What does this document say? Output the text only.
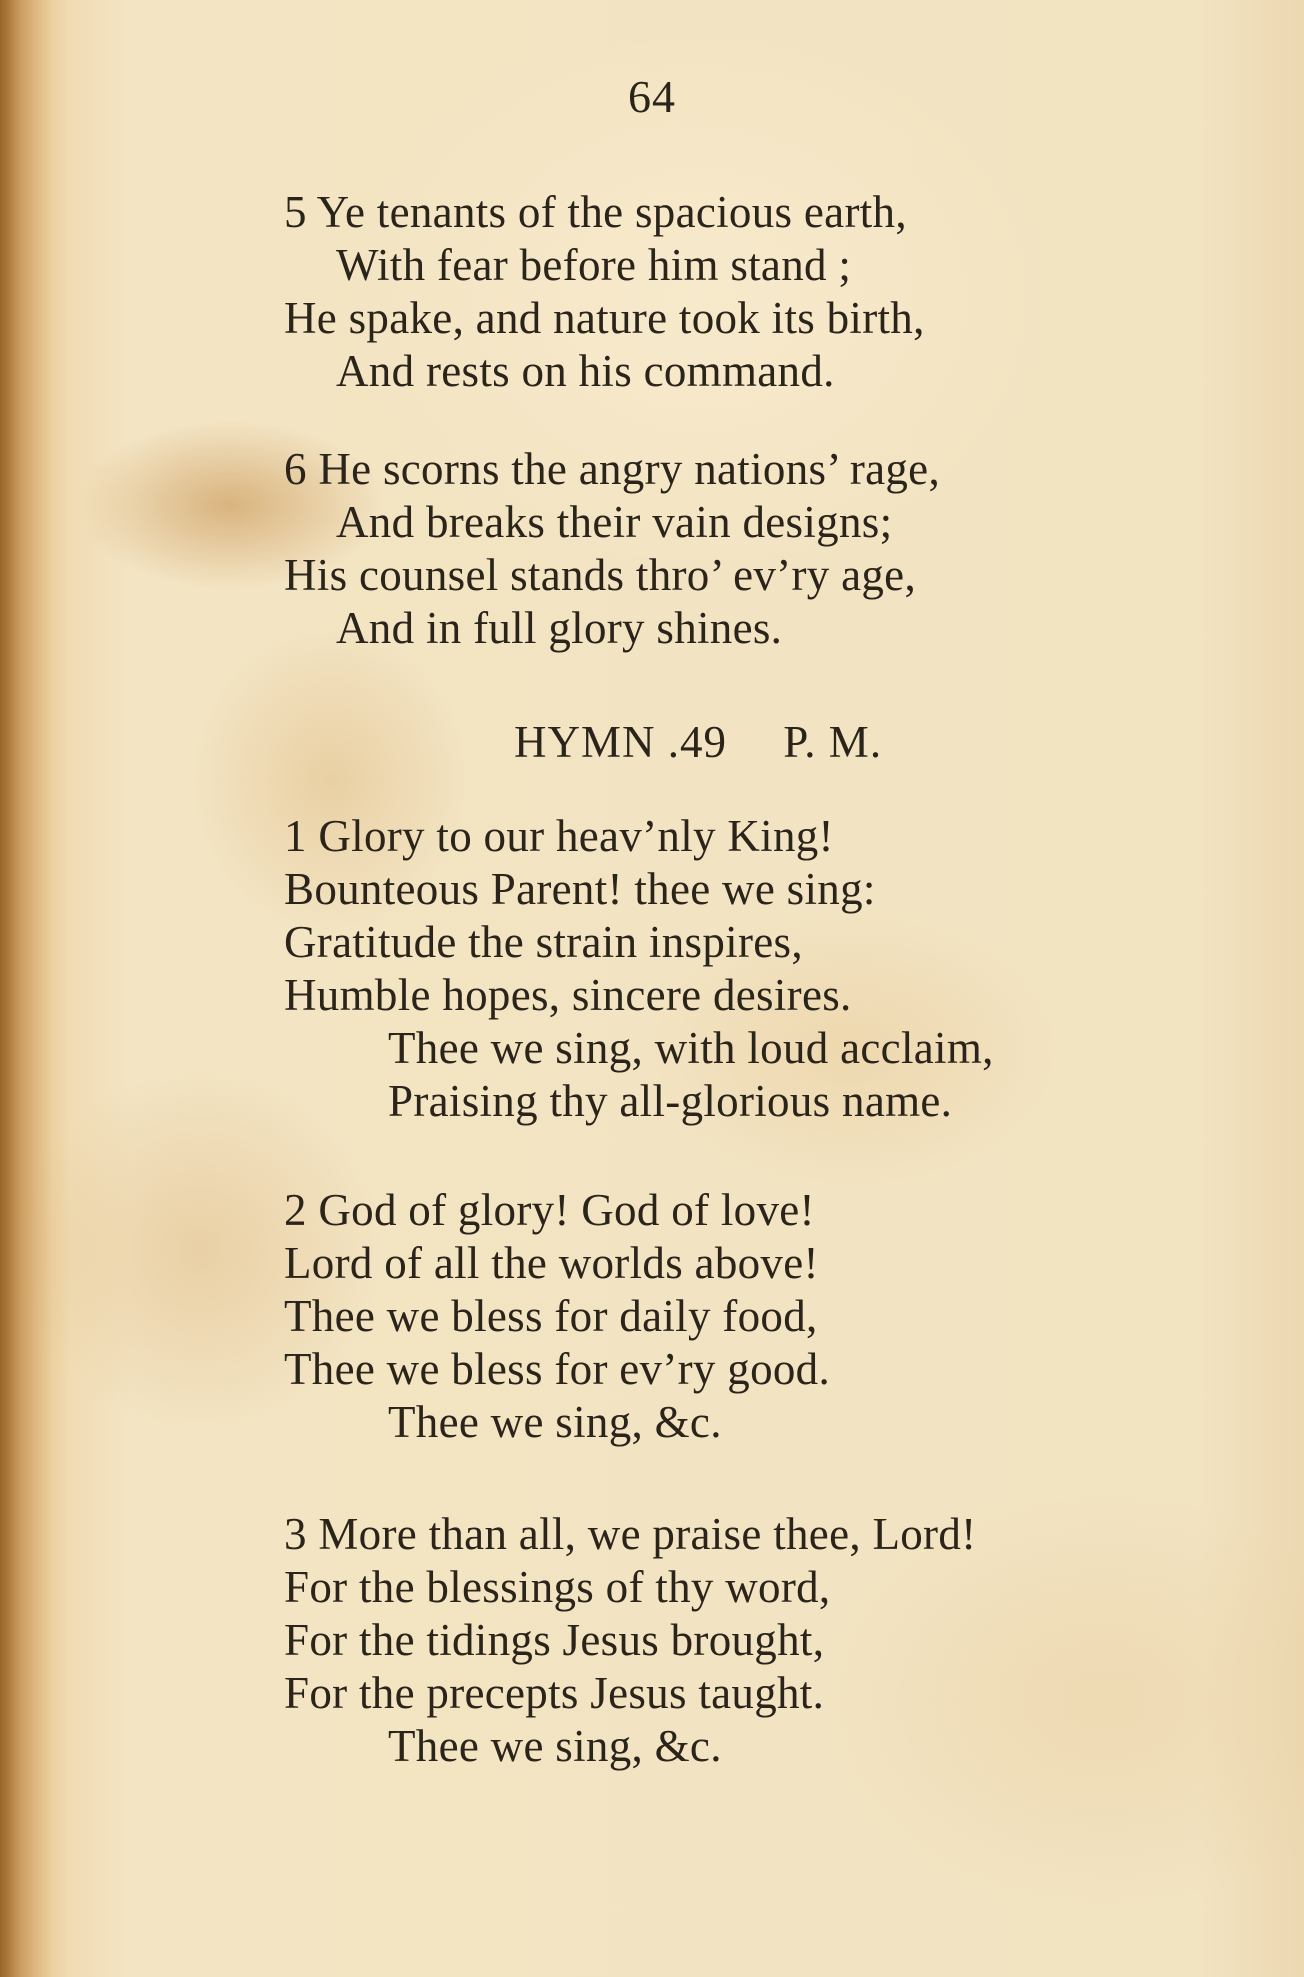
64
5 Ye tenants of the spacious earth,
With fear before him stand ;
He spake, and nature took its birth,
And rests on his command.
6 He scorns the angry nations’ rage,
And breaks their vain designs;
His counsel stands thro’ ev’ry age,
And in full glory shines.
HYMN .49 P. M.
1 Glory to our heav’nly King!
Bounteous Parent! thee we sing:
Gratitude the strain inspires,
Humble hopes, sincere desires.
Thee we sing, with loud acclaim,
Praising thy all-glorious name.
2 God of glory! God of love!
Lord of all the worlds above!
Thee we bless for daily food,
Thee we bless for ev’ry good.
Thee we sing, &c.
3 More than all, we praise thee, Lord!
For the blessings of thy word,
For the tidings Jesus brought,
For the precepts Jesus taught.
Thee we sing, &c.
